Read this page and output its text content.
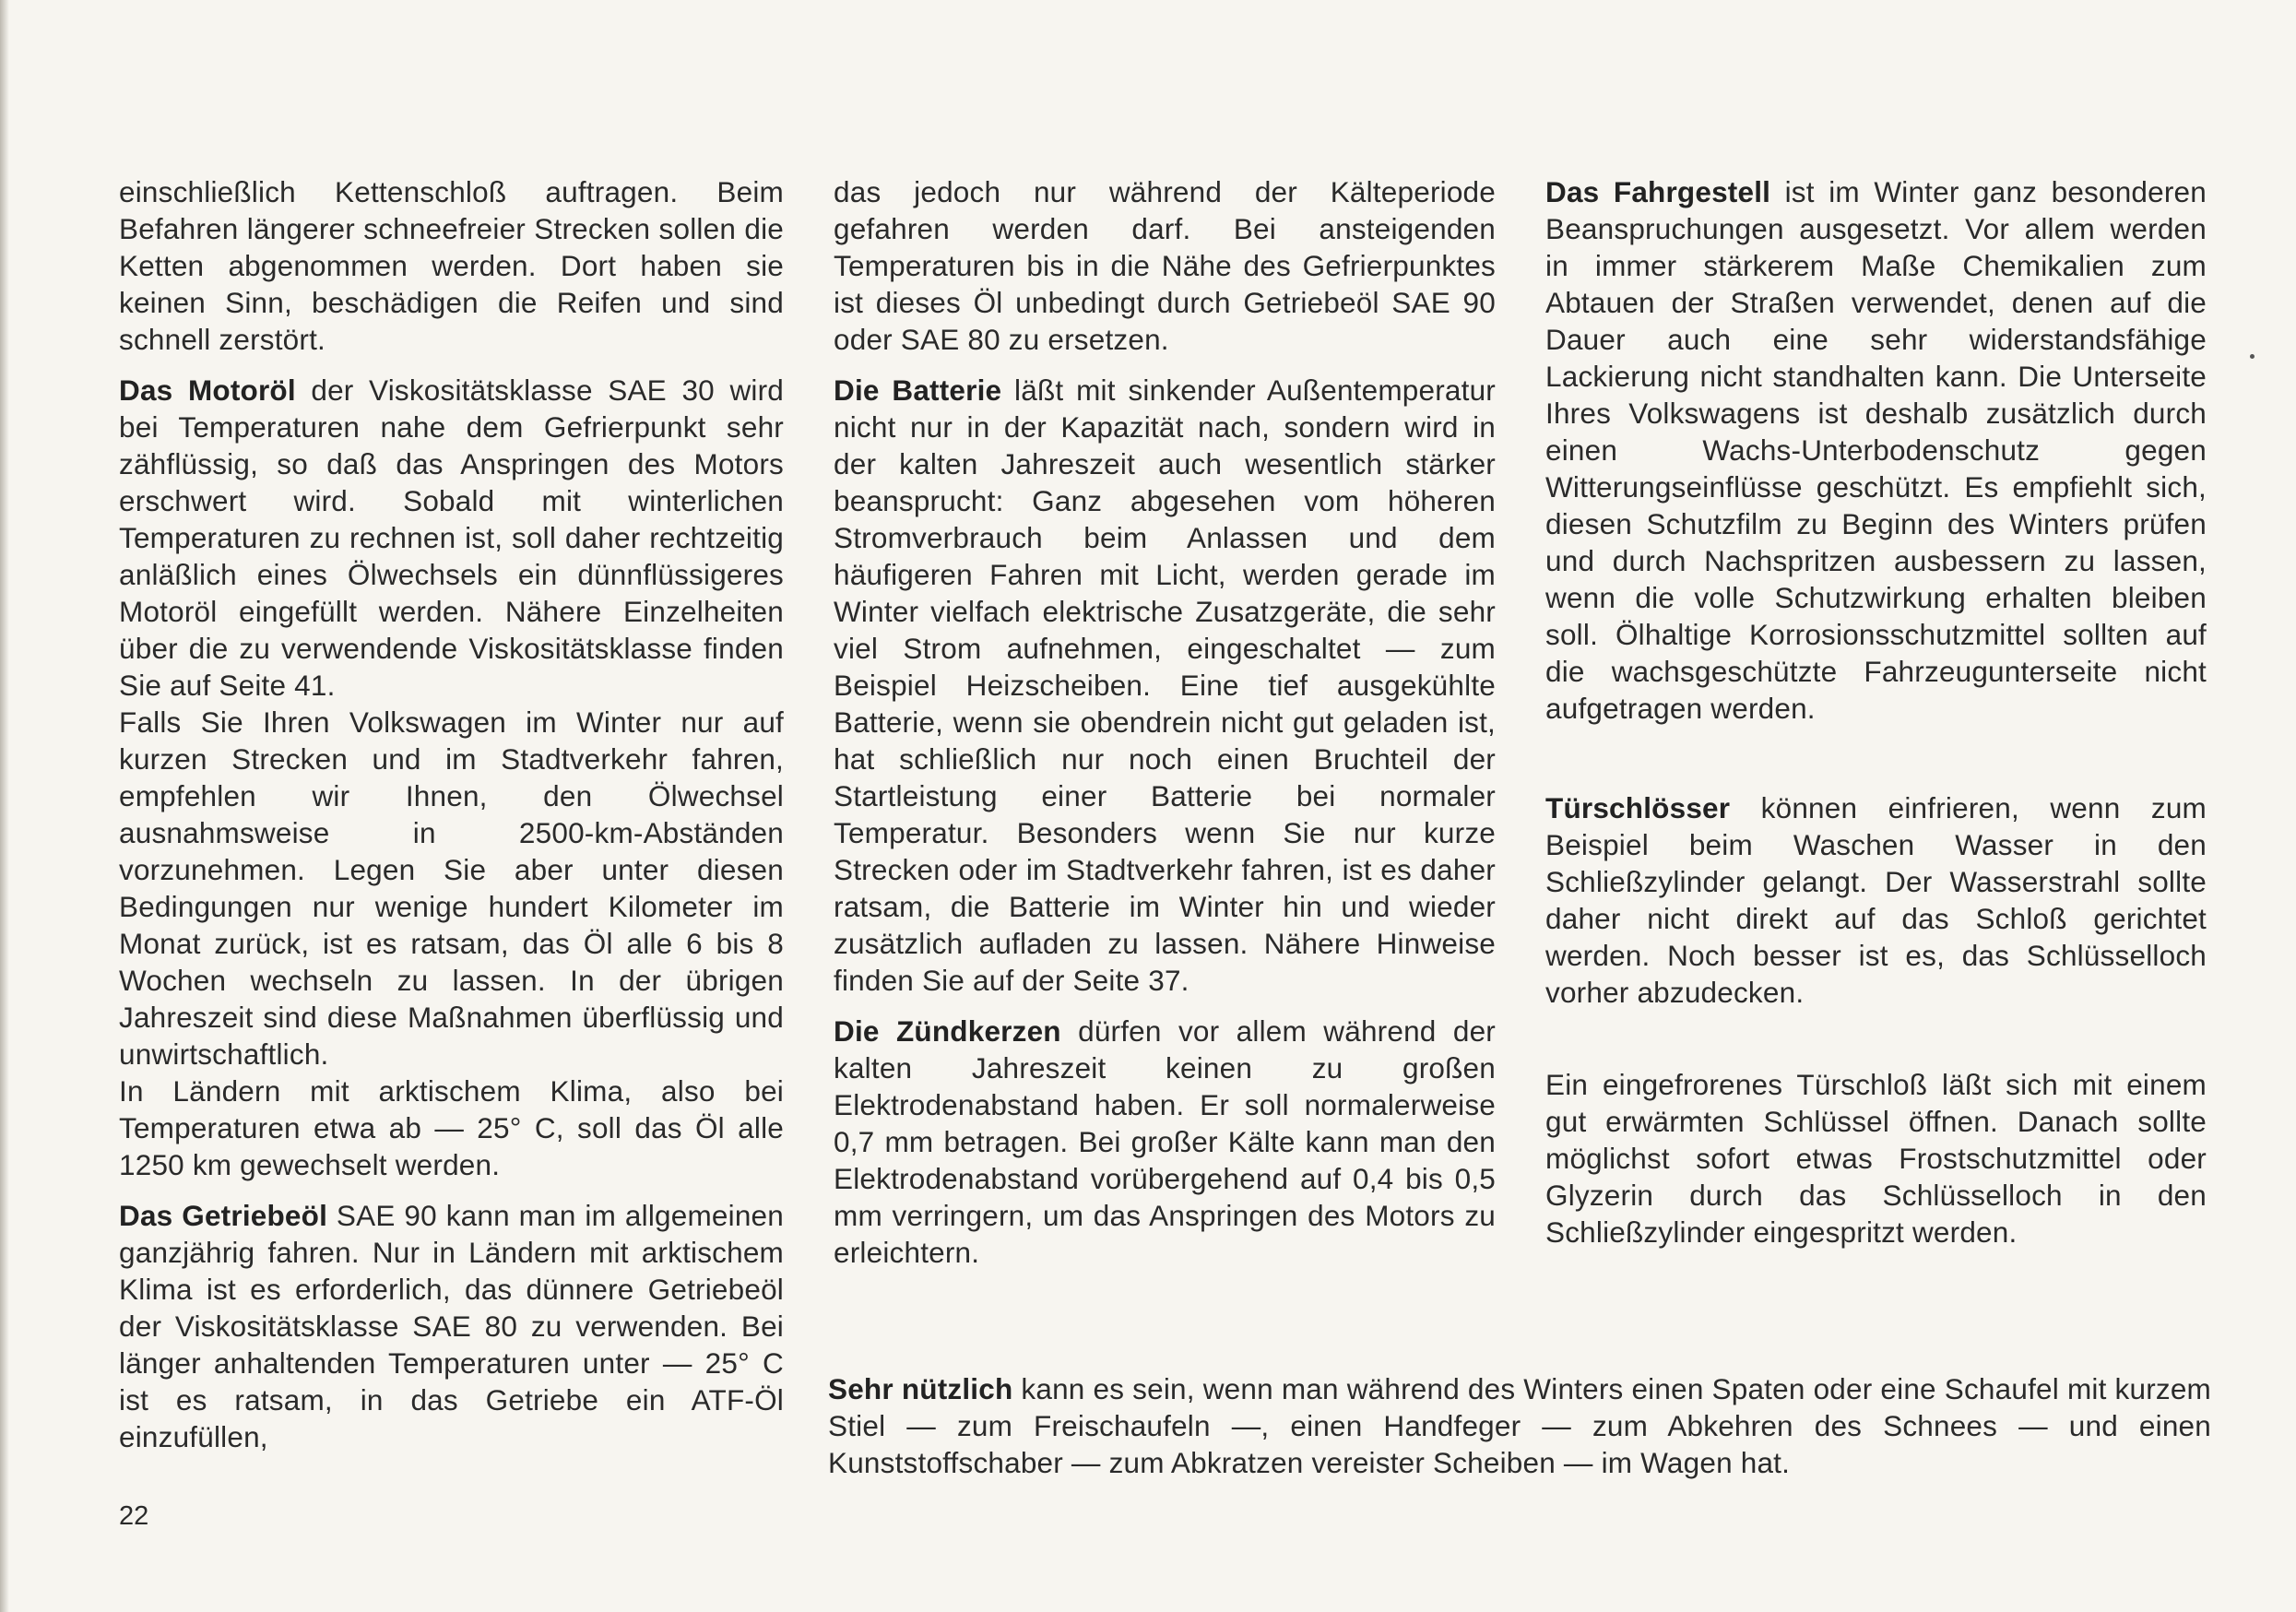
einschließlich Kettenschloß auftragen. Beim Befahren längerer schneefreier Strecken sollen die Ketten abgenommen werden. Dort haben sie keinen Sinn, beschädigen die Reifen und sind schnell zerstört.

Das Motoröl der Viskositätsklasse SAE 30 wird bei Temperaturen nahe dem Gefrierpunkt sehr zähflüssig, so daß das Anspringen des Motors erschwert wird. Sobald mit winterlichen Temperaturen zu rechnen ist, soll daher rechtzeitig anläßlich eines Ölwechsels ein dünnflüssigeres Motoröl eingefüllt werden. Nähere Einzelheiten über die zu verwendende Viskositätsklasse finden Sie auf Seite 41.

Falls Sie Ihren Volkswagen im Winter nur auf kurzen Strecken und im Stadtverkehr fahren, empfehlen wir Ihnen, den Ölwechsel ausnahmsweise in 2500-km-Abständen vorzunehmen. Legen Sie aber unter diesen Bedingungen nur wenige hundert Kilometer im Monat zurück, ist es ratsam, das Öl alle 6 bis 8 Wochen wechseln zu lassen. In der übrigen Jahreszeit sind diese Maßnahmen überflüssig und unwirtschaftlich.

In Ländern mit arktischem Klima, also bei Temperaturen etwa ab — 25° C, soll das Öl alle 1250 km gewechselt werden.

Das Getriebeöl SAE 90 kann man im allgemeinen ganzjährig fahren. Nur in Ländern mit arktischem Klima ist es erforderlich, das dünnere Getriebeöl der Viskositätsklasse SAE 80 zu verwenden. Bei länger anhaltenden Temperaturen unter — 25° C ist es ratsam, in das Getriebe ein ATF-Öl einzufüllen,

das jedoch nur während der Kälteperiode gefahren werden darf. Bei ansteigenden Temperaturen bis in die Nähe des Gefrierpunktes ist dieses Öl unbedingt durch Getriebeöl SAE 90 oder SAE 80 zu ersetzen.

Die Batterie läßt mit sinkender Außentemperatur nicht nur in der Kapazität nach, sondern wird in der kalten Jahreszeit auch wesentlich stärker beansprucht: Ganz abgesehen vom höheren Stromverbrauch beim Anlassen und dem häufigeren Fahren mit Licht, werden gerade im Winter vielfach elektrische Zusatzgeräte, die sehr viel Strom aufnehmen, eingeschaltet — zum Beispiel Heizscheiben. Eine tief ausgekühlte Batterie, wenn sie obendrein nicht gut geladen ist, hat schließlich nur noch einen Bruchteil der Startleistung einer Batterie bei normaler Temperatur. Besonders wenn Sie nur kurze Strecken oder im Stadtverkehr fahren, ist es daher ratsam, die Batterie im Winter hin und wieder zusätzlich aufladen zu lassen. Nähere Hinweise finden Sie auf der Seite 37.

Die Zündkerzen dürfen vor allem während der kalten Jahreszeit keinen zu großen Elektrodenabstand haben. Er soll normalerweise 0,7 mm betragen. Bei großer Kälte kann man den Elektrodenabstand vorübergehend auf 0,4 bis 0,5 mm verringern, um das Anspringen des Motors zu erleichtern.

Das Fahrgestell ist im Winter ganz besonderen Beanspruchungen ausgesetzt. Vor allem werden in immer stärkerem Maße Chemikalien zum Abtauen der Straßen verwendet, denen auf die Dauer auch eine sehr widerstandsfähige Lackierung nicht standhalten kann. Die Unterseite Ihres Volkswagens ist deshalb zusätzlich durch einen Wachs-Unterbodenschutz gegen Witterungseinflüsse geschützt. Es empfiehlt sich, diesen Schutzfilm zu Beginn des Winters prüfen und durch Nachspritzen ausbessern zu lassen, wenn die volle Schutzwirkung erhalten bleiben soll. Ölhaltige Korrosionsschutzmittel sollten auf die wachsgeschützte Fahrzeugunterseite nicht aufgetragen werden.

Türschlösser können einfrieren, wenn zum Beispiel beim Waschen Wasser in den Schließzylinder gelangt. Der Wasserstrahl sollte daher nicht direkt auf das Schloß gerichtet werden. Noch besser ist es, das Schlüsselloch vorher abzudecken.

Ein eingefrorenes Türschloß läßt sich mit einem gut erwärmten Schlüssel öffnen. Danach sollte möglichst sofort etwas Frostschutzmittel oder Glyzerin durch das Schlüsselloch in den Schließzylinder eingespritzt werden.

Sehr nützlich kann es sein, wenn man während des Winters einen Spaten oder eine Schaufel mit kurzem Stiel — zum Freischaufeln —, einen Handfeger — zum Abkehren des Schnees — und einen Kunststoffschaber — zum Abkratzen vereister Scheiben — im Wagen hat.
22
